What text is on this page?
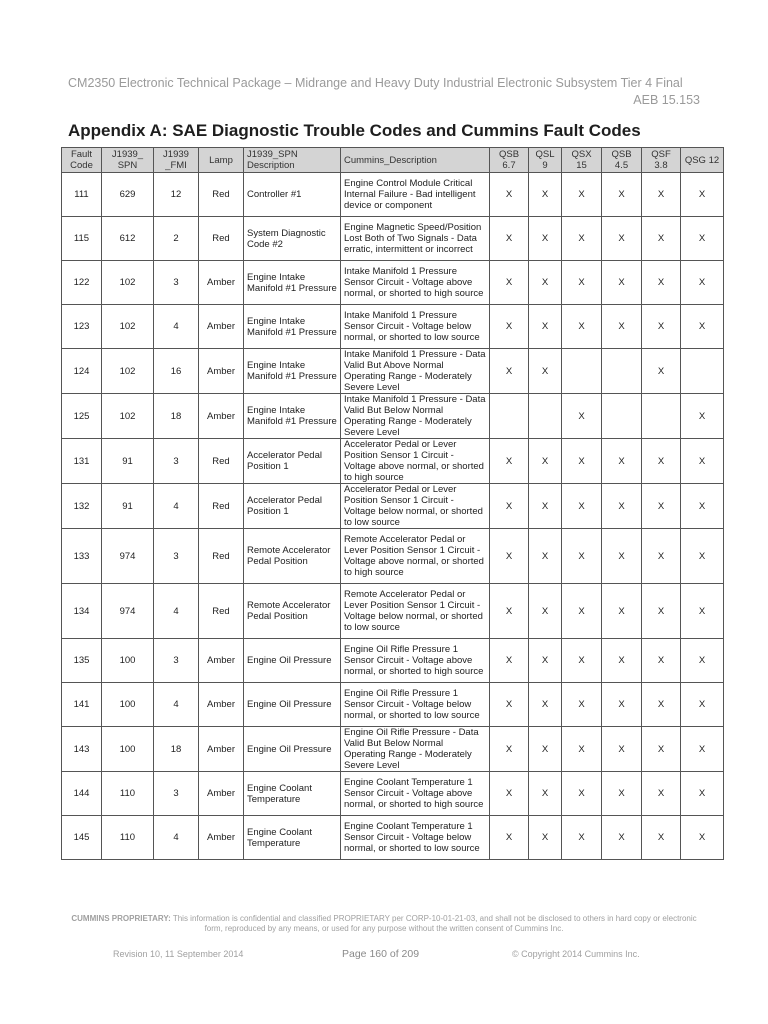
CM2350 Electronic Technical Package – Midrange and Heavy Duty Industrial Electronic Subsystem Tier 4 Final
AEB 15.153
Appendix A: SAE Diagnostic Trouble Codes and Cummins Fault Codes
Fault Code	J1939_ SPN	J1939 _FMI	Lamp	J1939_SPN Description	Cummins_Description	QSB 6.7	QSL 9	QSX 15	QSB 4.5	QSF 3.8	QSG 12
111	629	12	Red	Controller #1	Engine Control Module Critical Internal Failure - Bad intelligent device or component	X	X	X	X	X	X
115	612	2	Red	System Diagnostic Code #2	Engine Magnetic Speed/Position Lost Both of Two Signals - Data erratic, intermittent or incorrect	X	X	X	X	X	X
122	102	3	Amber	Engine Intake Manifold #1 Pressure	Intake Manifold 1 Pressure Sensor Circuit - Voltage above normal, or shorted to high source	X	X	X	X	X	X
123	102	4	Amber	Engine Intake Manifold #1 Pressure	Intake Manifold 1 Pressure Sensor Circuit - Voltage below normal, or shorted to low source	X	X	X	X	X	X
124	102	16	Amber	Engine Intake Manifold #1 Pressure	Intake Manifold 1 Pressure - Data Valid But Above Normal Operating Range - Moderately Severe Level	X	X			X	
125	102	18	Amber	Engine Intake Manifold #1 Pressure	Intake Manifold 1 Pressure - Data Valid But Below Normal Operating Range - Moderately Severe Level			X			X
131	91	3	Red	Accelerator Pedal Position 1	Accelerator Pedal or Lever Position Sensor 1 Circuit - Voltage above normal, or shorted to high source	X	X	X	X	X	X
132	91	4	Red	Accelerator Pedal Position 1	Accelerator Pedal or Lever Position Sensor 1 Circuit - Voltage below normal, or shorted to low source	X	X	X	X	X	X
133	974	3	Red	Remote Accelerator Pedal Position	Remote Accelerator Pedal or Lever Position Sensor 1 Circuit - Voltage above normal, or shorted to high source	X	X	X	X	X	X
134	974	4	Red	Remote Accelerator Pedal Position	Remote Accelerator Pedal or Lever Position Sensor 1 Circuit - Voltage below normal, or shorted to low source	X	X	X	X	X	X
135	100	3	Amber	Engine Oil Pressure	Engine Oil Rifle Pressure 1 Sensor Circuit - Voltage above normal, or shorted to high source	X	X	X	X	X	X
141	100	4	Amber	Engine Oil Pressure	Engine Oil Rifle Pressure 1 Sensor Circuit - Voltage below normal, or shorted to low source	X	X	X	X	X	X
143	100	18	Amber	Engine Oil Pressure	Engine Oil Rifle Pressure - Data Valid But Below Normal Operating Range - Moderately Severe Level	X	X	X	X	X	X
144	110	3	Amber	Engine Coolant Temperature	Engine Coolant Temperature 1 Sensor Circuit - Voltage above normal, or shorted to high source	X	X	X	X	X	X
145	110	4	Amber	Engine Coolant Temperature	Engine Coolant Temperature 1 Sensor Circuit - Voltage below normal, or shorted to low source	X	X	X	X	X	X
CUMMINS PROPRIETARY: This information is confidential and classified PROPRIETARY per CORP-10-01-21-03, and shall not be disclosed to others in hard copy or electronic form, reproduced by any means, or used for any purpose without the written consent of Cummins Inc.
Revision 10, 11 September 2014	Page 160 of 209	© Copyright 2014 Cummins Inc.
